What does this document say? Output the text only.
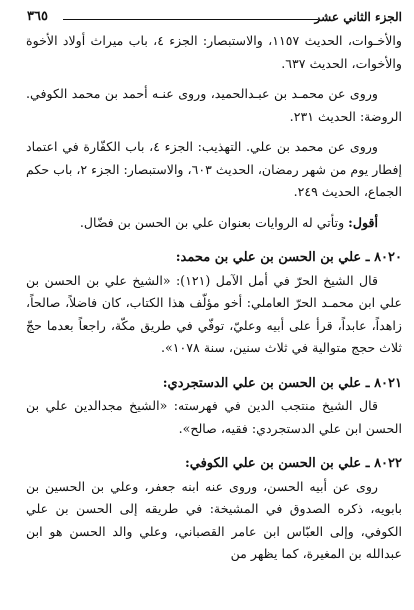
٣٦٥	الجزء الثاني عشر

والأخـوات، الحديث ١١٥٧، والاستبصار: الجزء ٤، باب ميراث أولاد الأخوة والأخوات، الحديث ٦٣٧.

وروى عن محمـد بن عبـدالحميد، وروى عنـه أحمد بن محمد الكوفي. الروضة: الحديث ٢٣١.

وروى عن محمد بن علي. التهذيب: الجزء ٤، باب الكفّارة في اعتماد إفطار يوم من شهر رمضان، الحديث ٦٠٣، والاستبصار: الجزء ٢، باب حكم الجماع، الحديث ٢٤٩.

أقول: وتأتي له الروايات بعنوان علي بن الحسن بن فضّال.

٨٠٢٠ ـ علي بن الحسن بن علي بن محمد:

قال الشيخ الحرّ في أمل الآمل (١٢١): «الشيخ علي بن الحسن بن علي ابن محمـد الحرّ العاملي: أخو مؤلّف هذا الكتاب، كان فاضلاً، صالحاً، زاهداً، عابداً، قرأ على أبيه وعليّ، توفّي في طريق مكّة، راجعاً بعدما حجّ ثلاث حجج متوالية في ثلاث سنين، سنة ١٠٧٨».

٨٠٢١ ـ علي بن الحسن بن علي الدستجردي:

قال الشيخ منتجب الدين في فهرسته: «الشيخ مجدالدين علي بن الحسن ابن علي الدستجردي: فقيه، صالح».

٨٠٢٢ ـ علي بن الحسن بن علي الكوفي:

روى عن أبيه الحسن، وروى عنه ابنه جعفر، وعلي بن الحسين بن بابويه، ذكره الصدوق في المشيخة: في طريقه إلى الحسن بن علي الكوفي، وإلى العبّاس ابن عامر القصباني، وعلي والد الحسن هو ابن عبدالله بن المغيرة، كما يظهر من
